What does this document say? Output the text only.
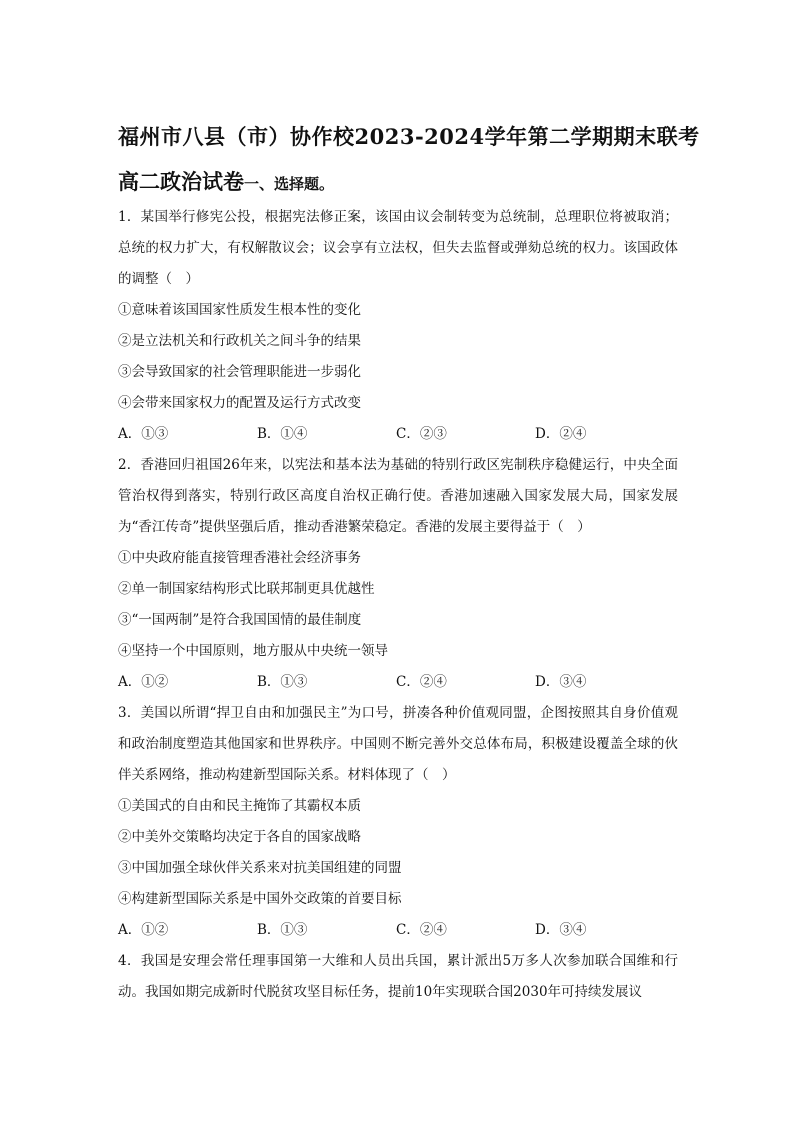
福州市八县（市）协作校2023-2024学年第二学期期末联考
高二政治试卷一、选择题。

1．某国举行修宪公投，根据宪法修正案，该国由议会制转变为总统制，总理职位将被取消；总统的权力扩大，有权解散议会；议会享有立法权，但失去监督或弹劾总统的权力。该国政体的调整（　）

①意味着该国国家性质发生根本性的变化

②是立法机关和行政机关之间斗争的结果

③会导致国家的社会管理职能进一步弱化

④会带来国家权力的配置及运行方式改变

A．①③	B．①④	C．②③	D．②④

2．香港回归祖国26年来，以宪法和基本法为基础的特别行政区宪制秩序稳健运行，中央全面管治权得到落实，特别行政区高度自治权正确行使。香港加速融入国家发展大局，国家发展为“香江传奇”提供坚强后盾，推动香港繁荣稳定。香港的发展主要得益于（　）

①中央政府能直接管理香港社会经济事务

②单一制国家结构形式比联邦制更具优越性

③“一国两制”是符合我国国情的最佳制度

④坚持一个中国原则，地方服从中央统一领导

A．①②	B．①③	C．②④	D．③④

3．美国以所谓“捍卫自由和加强民主”为口号，拼凑各种价值观同盟，企图按照其自身价值观和政治制度塑造其他国家和世界秩序。中国则不断完善外交总体布局，积极建设覆盖全球的伙伴关系网络，推动构建新型国际关系。材料体现了（　）

①美国式的自由和民主掩饰了其霸权本质

②中美外交策略均决定于各自的国家战略

③中国加强全球伙伴关系来对抗美国组建的同盟

④构建新型国际关系是中国外交政策的首要目标

A．①②	B．①③	C．②④	D．③④

4．我国是安理会常任理事国第一大维和人员出兵国，累计派出5万多人次参加联合国维和行动。我国如期完成新时代脱贫攻坚目标任务，提前10年实现联合国2030年可持续发展议
